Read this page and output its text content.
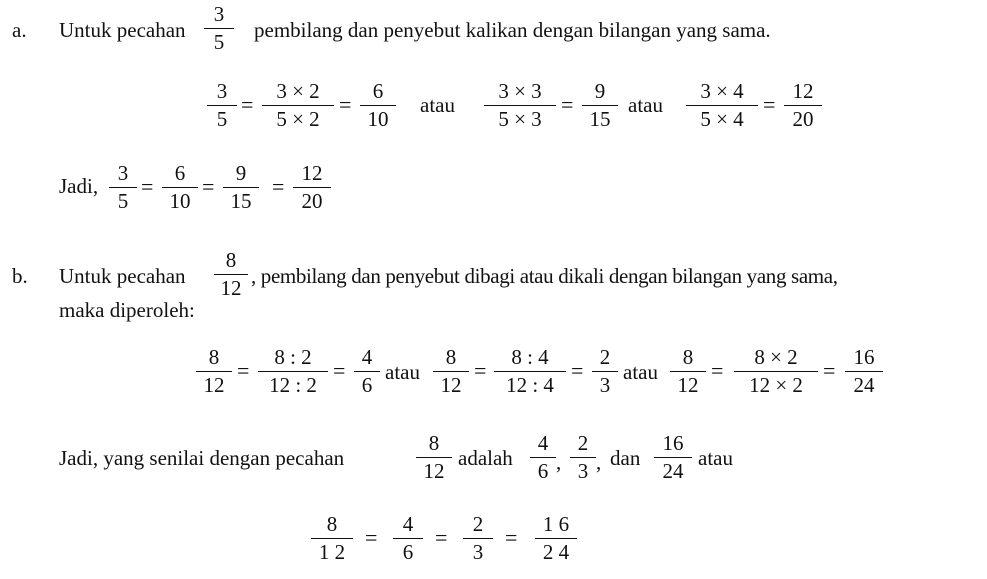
a. Untuk pecahan
3
5	pembilang dan penyebut kalikan dengan bilangan yang sama.
3
5
=
3 × 2
5 × 2
=
6
10
atau
3 × 3
5 × 3
=
9
15
atau
3 × 4
5 × 4
=
12
20
Jadi,
3
5
=
6
10
=
9
15
=
12
20
b. Untuk pecahan
8
12 , pembilang dan penyebut dibagi atau dikali dengan bilangan yang sama,
maka diperoleh:
8
12
=
8 : 2
12 : 2
=
4
6
atau
8
12
=
8 : 4
12 : 4
=
2
3
atau
8
12
=
8 × 2
12 × 2
=
16
24
Jadi, yang senilai dengan pecahan
8
12
adalah
4
6 ,
2
3 , dan
16
24
atau
8
1 2
=
4
6
=
2
3
=
1 6
2 4
